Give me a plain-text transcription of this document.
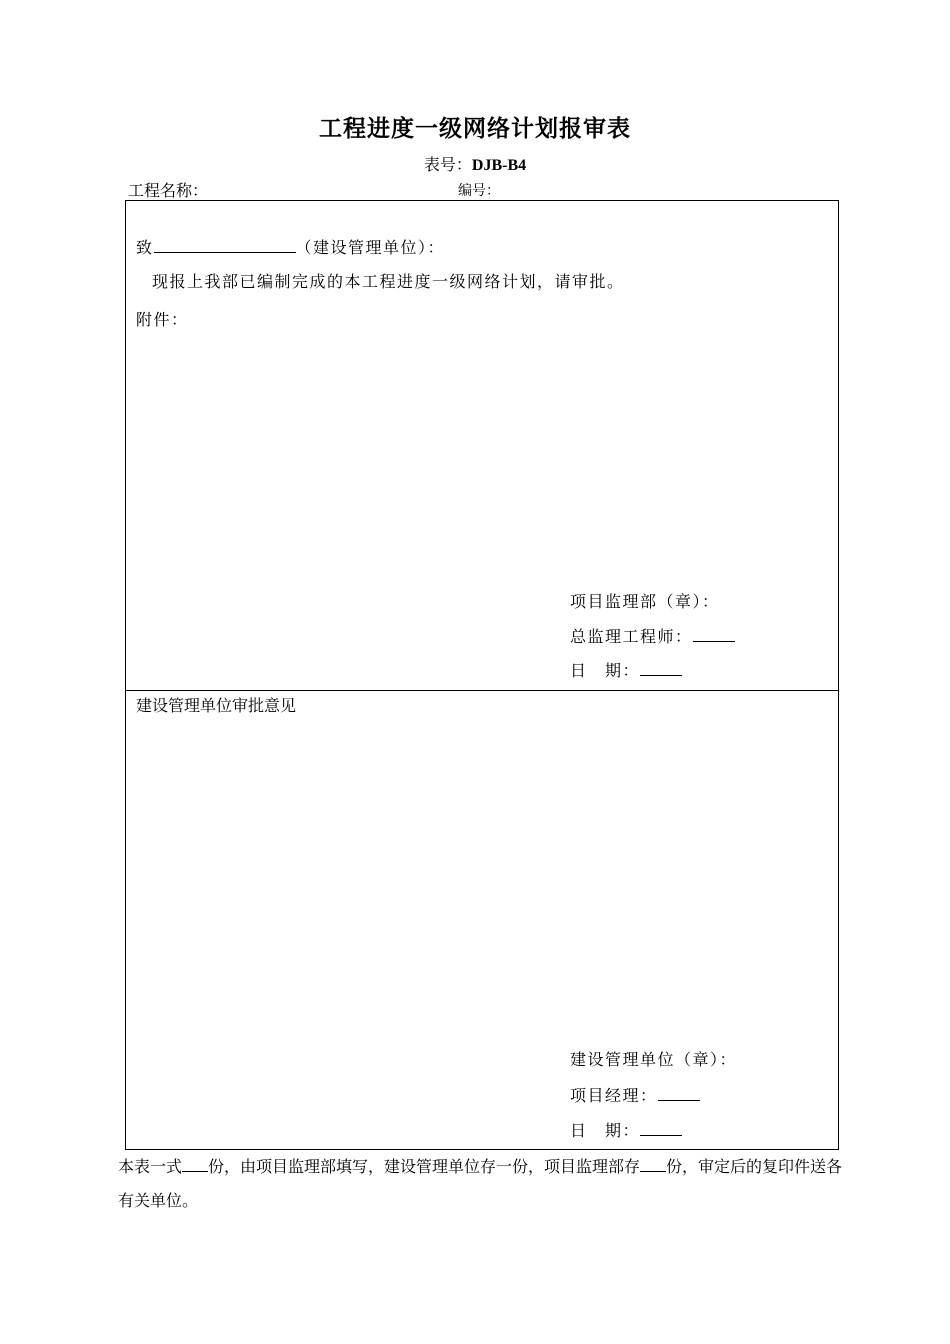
工程进度一级网络计划报审表
表号：DJB-B4
工程名称：	编号：
致	（建设管理单位）：
现报上我部已编制完成的本工程进度一级网络计划，请审批。
附件：
项目监理部（章）：
总监理工程师：
日　期：
建设管理单位审批意见
建设管理单位（章）：
项目经理：
日　期：
本表一式 份，由项目监理部填写，建设管理单位存一份，项目监理部存 份，审定后的复印件送各有关单位。
